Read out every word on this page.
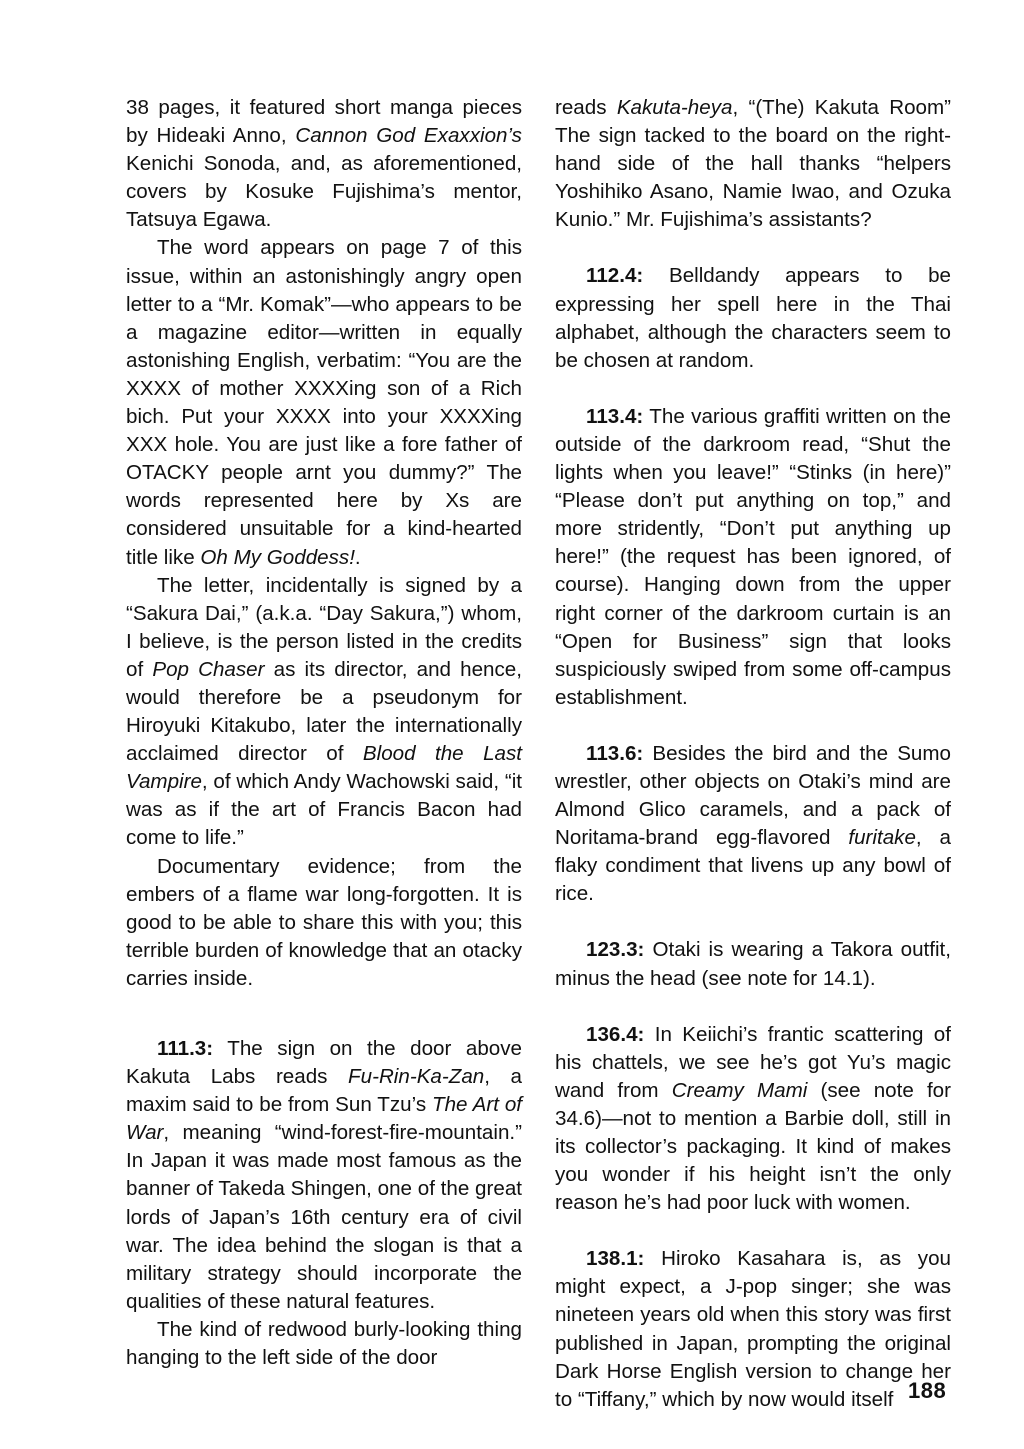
38 pages, it featured short manga pieces by Hideaki Anno, Cannon God Exaxxion’s Kenichi Sonoda, and, as aforementioned, covers by Kosuke Fujishima’s mentor, Tatsuya Egawa.

The word appears on page 7 of this issue, within an astonishingly angry open letter to a “Mr. Komak”—who appears to be a magazine editor—written in equally astonishing English, verbatim: “You are the XXXX of mother XXXXing son of a Rich bich. Put your XXXX into your XXXXing XXX hole. You are just like a fore father of OTACKY people arnt you dummy?” The words represented here by Xs are considered unsuitable for a kind-hearted title like Oh My Goddess!.

The letter, incidentally is signed by a “Sakura Dai,” (a.k.a. “Day Sakura,”) whom, I believe, is the person listed in the credits of Pop Chaser as its director, and hence, would therefore be a pseudonym for Hiroyuki Kitakubo, later the internationally acclaimed director of Blood the Last Vampire, of which Andy Wachowski said, “it was as if the art of Francis Bacon had come to life.”

Documentary evidence; from the embers of a flame war long-forgotten. It is good to be able to share this with you; this terrible burden of knowledge that an otacky carries inside.

111.3: The sign on the door above Kakuta Labs reads Fu-Rin-Ka-Zan, a maxim said to be from Sun Tzu’s The Art of War, meaning “wind-forest-fire-mountain.” In Japan it was made most famous as the banner of Takeda Shingen, one of the great lords of Japan’s 16th century era of civil war. The idea behind the slogan is that a military strategy should incorporate the qualities of these natural features.

The kind of redwood burly-looking thing hanging to the left side of the door

reads Kakuta-heya, “(The) Kakuta Room” The sign tacked to the board on the right-hand side of the hall thanks “helpers Yoshihiko Asano, Namie Iwao, and Ozuka Kunio.” Mr. Fujishima’s assistants?

112.4: Belldandy appears to be expressing her spell here in the Thai alphabet, although the characters seem to be chosen at random.

113.4: The various graffiti written on the outside of the darkroom read, “Shut the lights when you leave!” “Stinks (in here)” “Please don’t put anything on top,” and more stridently, “Don’t put anything up here!” (the request has been ignored, of course). Hanging down from the upper right corner of the darkroom curtain is an “Open for Business” sign that looks suspiciously swiped from some off-campus establishment.

113.6: Besides the bird and the Sumo wrestler, other objects on Otaki’s mind are Almond Glico caramels, and a pack of Noritama-brand egg-flavored furitake, a flaky condiment that livens up any bowl of rice.

123.3: Otaki is wearing a Takora outfit, minus the head (see note for 14.1).

136.4: In Keiichi’s frantic scattering of his chattels, we see he’s got Yu’s magic wand from Creamy Mami (see note for 34.6)—not to mention a Barbie doll, still in its collector’s packaging. It kind of makes you wonder if his height isn’t the only reason he’s had poor luck with women.

138.1: Hiroko Kasahara is, as you might expect, a J-pop singer; she was nineteen years old when this story was first published in Japan, prompting the original Dark Horse English version to change her to “Tiffany,” which by now would itself 188
